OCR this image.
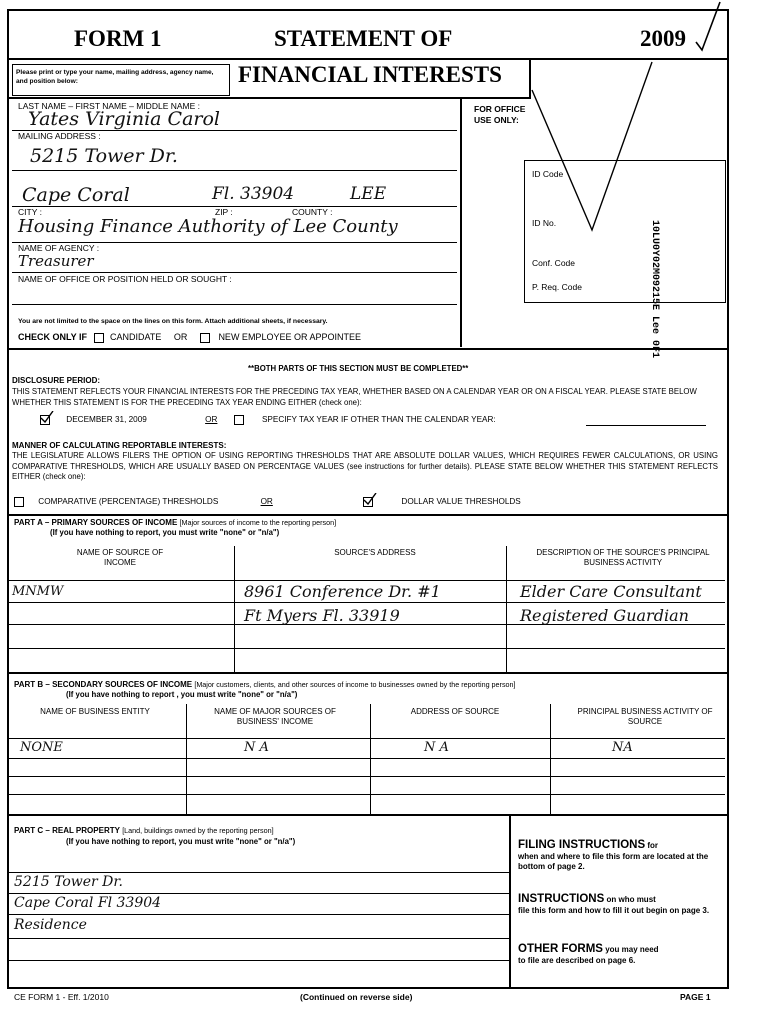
FORM 1	STATEMENT OF	2009
FINANCIAL INTERESTS
Please print or type your name, mailing address, agency name, and position below:
LAST NAME – FIRST NAME – MIDDLE NAME :
Yates Virginia Carol
MAILING ADDRESS :
5215 Tower Dr.
Cape Coral	Fl. 33904	LEE
CITY :	ZIP :	COUNTY :
Housing Finance Authority of Lee County
NAME OF AGENCY :
Treasurer
NAME OF OFFICE OR POSITION HELD OR SOUGHT :
FOR OFFICE USE ONLY:
ID Code
ID No.
Conf. Code
P. Req. Code	10LU0Y02M09215E Lee 0F1
You are not limited to the space on the lines on this form. Attach additional sheets, if necessary.
CHECK ONLY IF	CANDIDATE OR	NEW EMPLOYEE OR APPOINTEE
**BOTH PARTS OF THIS SECTION MUST BE COMPLETED**
DISCLOSURE PERIOD:
THIS STATEMENT REFLECTS YOUR FINANCIAL INTERESTS FOR THE PRECEDING TAX YEAR, WHETHER BASED ON A CALENDAR YEAR OR ON A FISCAL YEAR. PLEASE STATE BELOW WHETHER THIS STATEMENT IS FOR THE PRECEDING TAX YEAR ENDING EITHER (check one):
DECEMBER 31, 2009	OR	SPECIFY TAX YEAR IF OTHER THAN THE CALENDAR YEAR:
MANNER OF CALCULATING REPORTABLE INTERESTS:
THE LEGISLATURE ALLOWS FILERS THE OPTION OF USING REPORTING THRESHOLDS THAT ARE ABSOLUTE DOLLAR VALUES, WHICH REQUIRES FEWER CALCULATIONS, OR USING COMPARATIVE THRESHOLDS, WHICH ARE USUALLY BASED ON PERCENTAGE VALUES (see instructions for further details). PLEASE STATE BELOW WHETHER THIS STATEMENT REFLECTS EITHER (check one):
COMPARATIVE (PERCENTAGE) THRESHOLDS	OR	DOLLAR VALUE THRESHOLDS
PART A – PRIMARY SOURCES OF INCOME [Major sources of income to the reporting person]
(If you have nothing to report, you must write "none" or "n/a")
NAME OF SOURCE OF INCOME
SOURCE'S ADDRESS	DESCRIPTION OF THE SOURCE'S PRINCIPAL BUSINESS ACTIVITY
MNMW	8961 Conference Dr. #1	Elder Care Consultant
Ft Myers Fl. 33919	Registered Guardian
PART B – SECONDARY SOURCES OF INCOME [Major customers, clients, and other sources of income to businesses owned by the reporting person]
(If you have nothing to report , you must write "none" or "n/a")
NAME OF BUSINESS ENTITY	NAME OF MAJOR SOURCES OF BUSINESS' INCOME
ADDRESS OF SOURCE	PRINCIPAL BUSINESS ACTIVITY OF SOURCE
NONE	N A	N A	NA
PART C – REAL PROPERTY [Land, buildings owned by the reporting person]
(If you have nothing to report, you must write "none" or "n/a")
5215 Tower Dr.
Cape Coral Fl 33904
Residence
FILING INSTRUCTIONS for
when and where to file this form are located at the bottom of page 2.
INSTRUCTIONS on who must
file this form and how to fill it out begin on page 3.
OTHER FORMS you may need
to file are described on page 6.
CE FORM 1 - Eff. 1/2010	(Continued on reverse side)	PAGE 1
